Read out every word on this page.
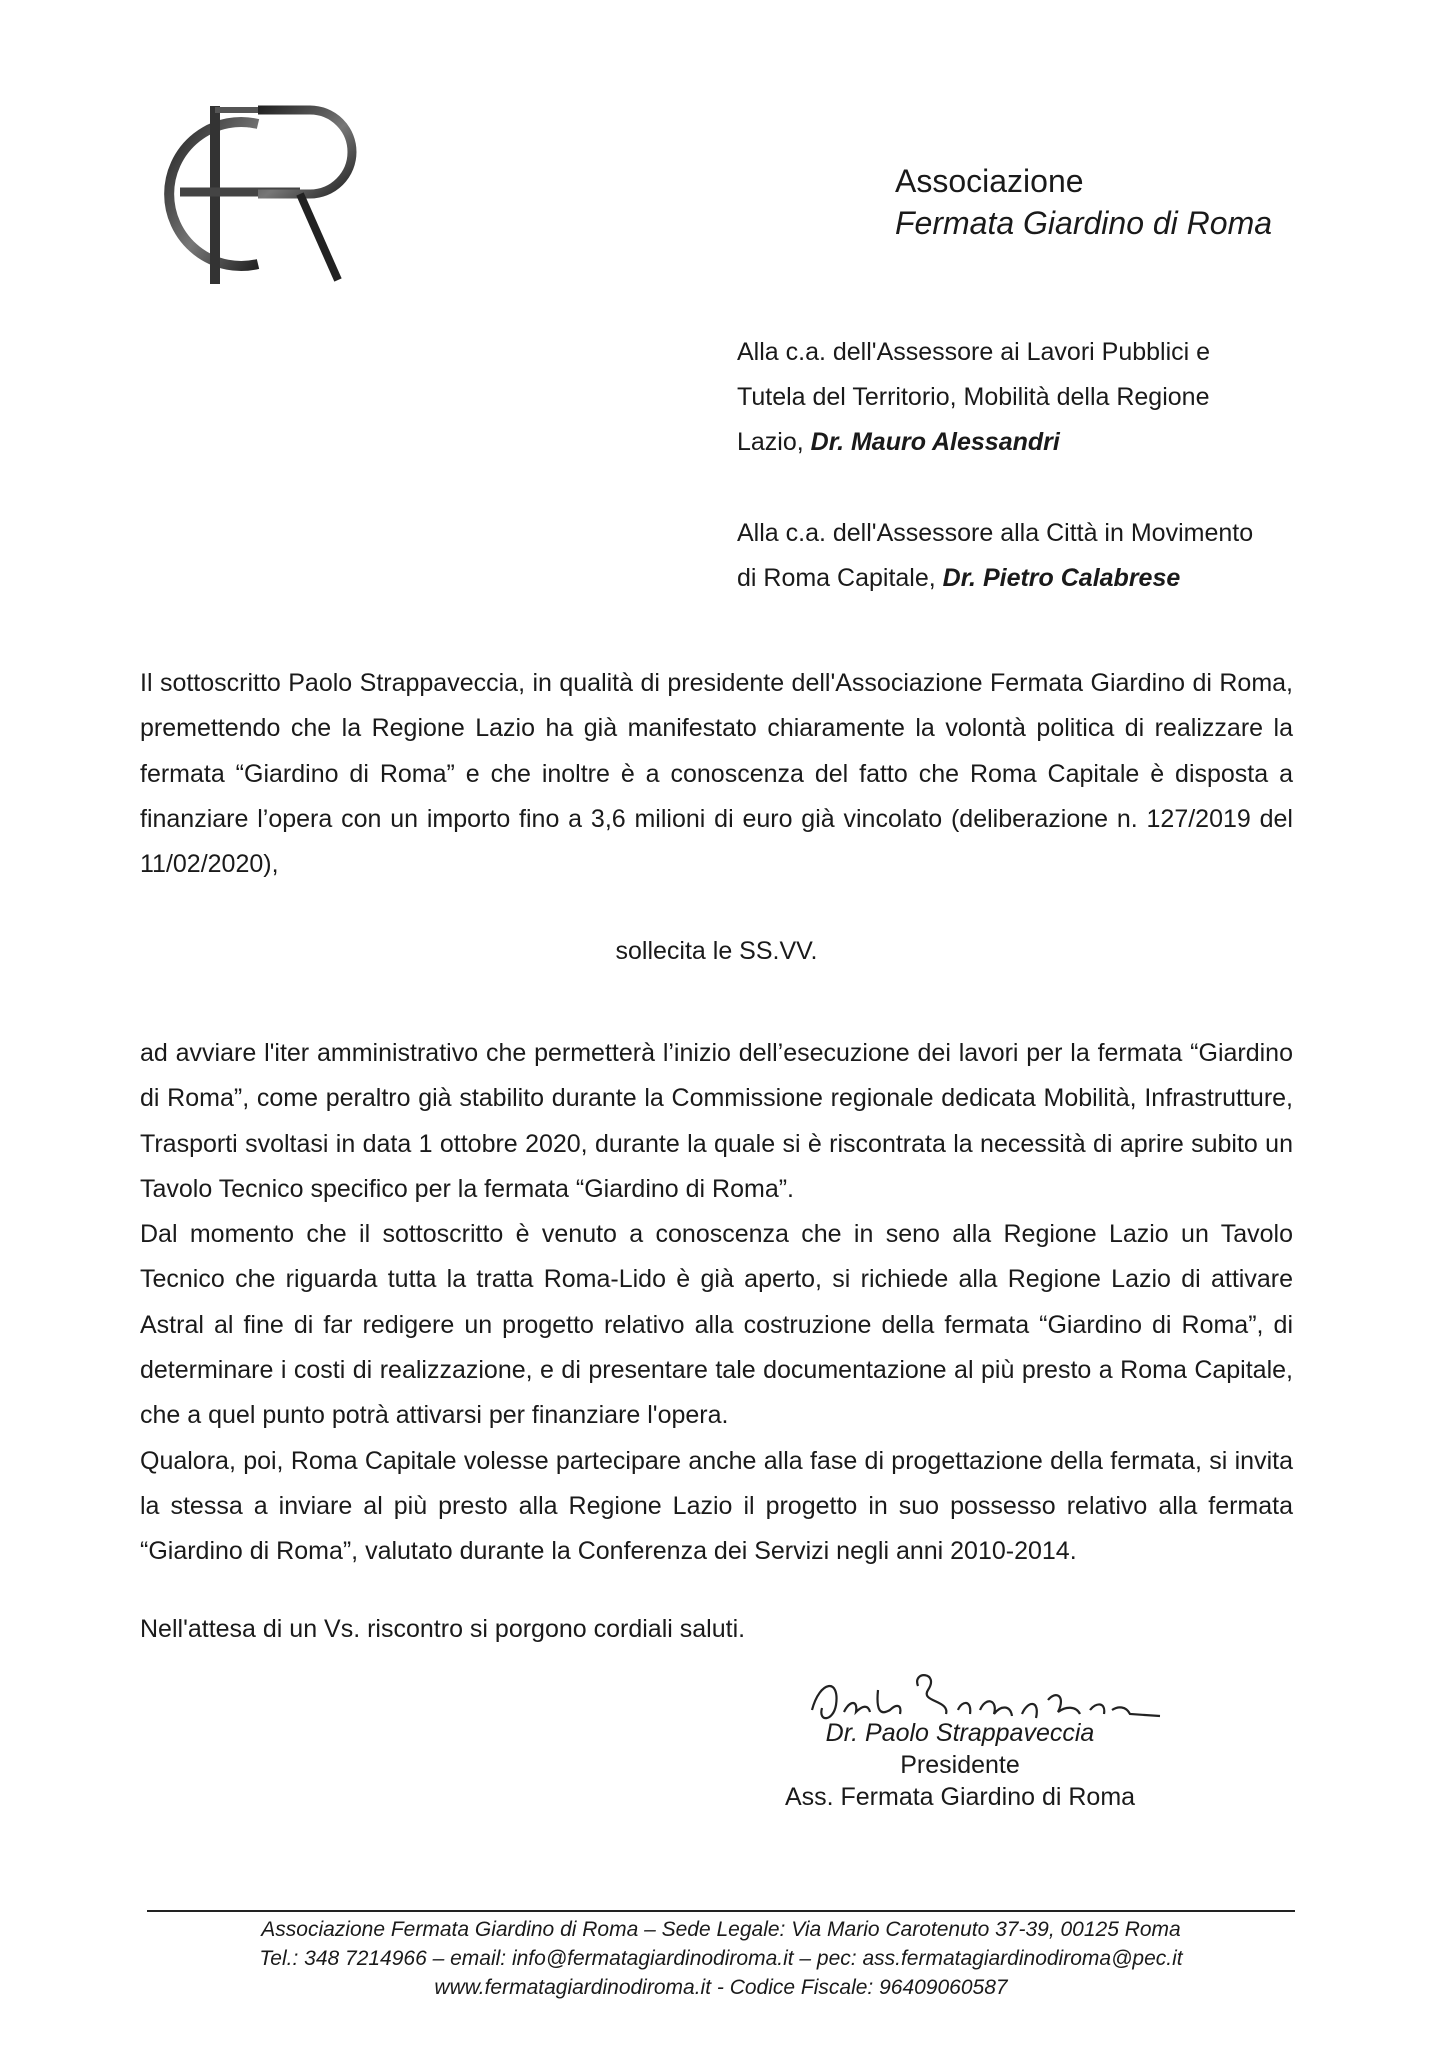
Associazione
Fermata Giardino di Roma
Alla c.a. dell'Assessore ai Lavori Pubblici e
Tutela del Territorio, Mobilità della Regione
Lazio, Dr. Mauro Alessandri
Alla c.a. dell'Assessore alla Città in Movimento
di Roma Capitale, Dr. Pietro Calabrese

Il sottoscritto Paolo Strappaveccia, in qualità di presidente dell'Associazione Fermata Giardino di Roma, premettendo che la Regione Lazio ha già manifestato chiaramente la volontà politica di realizzare la fermata “Giardino di Roma” e che inoltre è a conoscenza del fatto che Roma Capitale è disposta a finanziare l’opera con un importo fino a 3,6 milioni di euro già vincolato (deliberazione n. 127/2019 del 11/02/2020),

sollecita le SS.VV.

ad avviare l'iter amministrativo che permetterà l’inizio dell’esecuzione dei lavori per la fermata “Giardino di Roma”, come peraltro già stabilito durante la Commissione regionale dedicata Mobilità, Infrastrutture, Trasporti svoltasi in data 1 ottobre 2020, durante la quale si è riscontrata la necessità di aprire subito un Tavolo Tecnico specifico per la fermata “Giardino di Roma”.

Dal momento che il sottoscritto è venuto a conoscenza che in seno alla Regione Lazio un Tavolo Tecnico che riguarda tutta la tratta Roma-Lido è già aperto, si richiede alla Regione Lazio di attivare Astral al fine di far redigere un progetto relativo alla costruzione della fermata “Giardino di Roma”, di determinare i costi di realizzazione, e di presentare tale documentazione al più presto a Roma Capitale, che a quel punto potrà attivarsi per finanziare l'opera.

Qualora, poi, Roma Capitale volesse partecipare anche alla fase di progettazione della fermata, si invita la stessa a inviare al più presto alla Regione Lazio il progetto in suo possesso relativo alla fermata “Giardino di Roma”, valutato durante la Conferenza dei Servizi negli anni 2010-2014.

Nell'attesa di un Vs. riscontro si porgono cordiali saluti.
Dr. Paolo Strappaveccia
Presidente
Ass. Fermata Giardino di Roma
Associazione Fermata Giardino di Roma – Sede Legale: Via Mario Carotenuto 37-39, 00125 Roma
Tel.: 348 7214966 – email: info@fermatagiardinodiroma.it – pec: ass.fermatagiardinodiroma@pec.it
www.fermatagiardinodiroma.it - Codice Fiscale: 96409060587
